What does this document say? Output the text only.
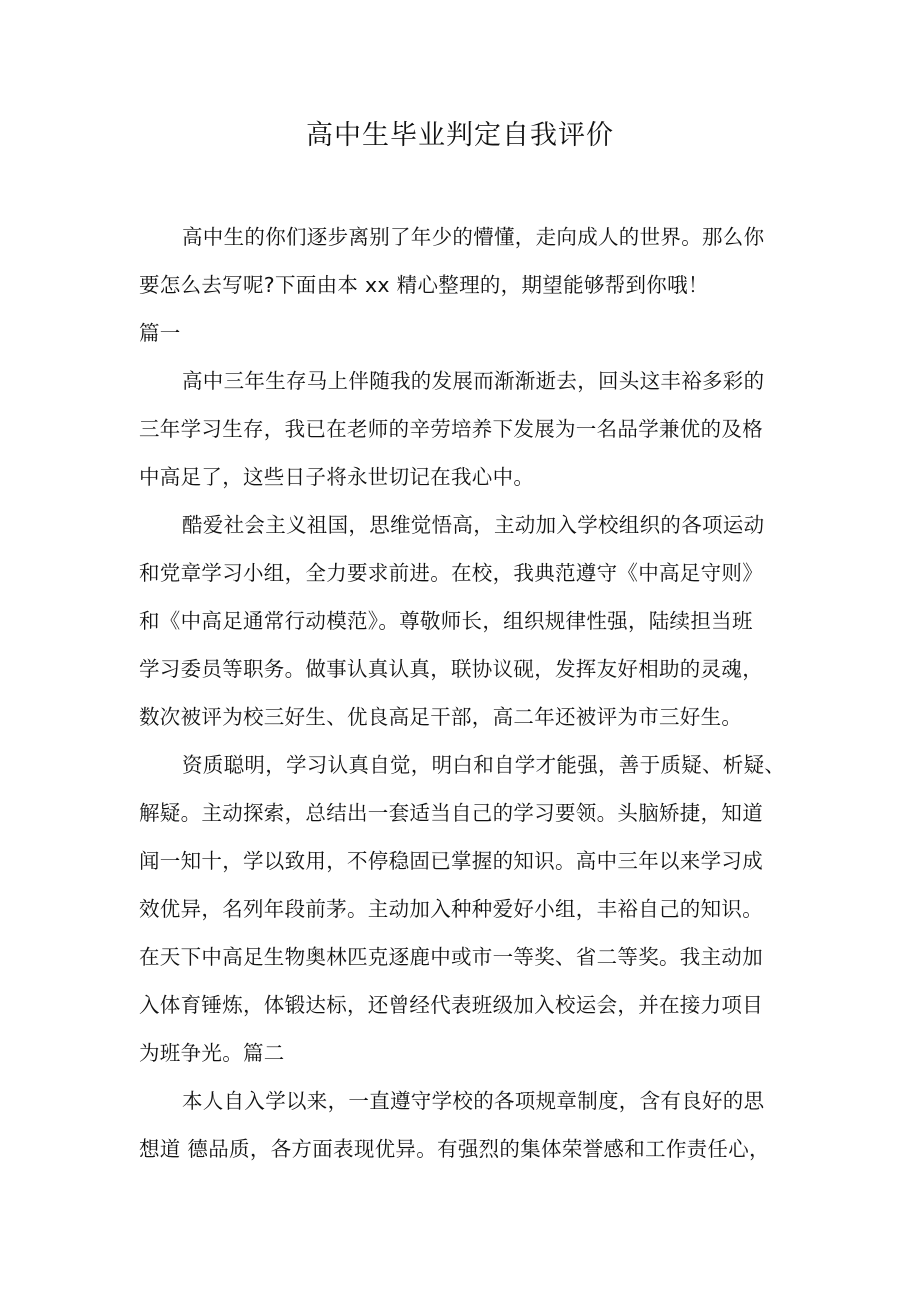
高中生毕业判定自我评价
高中生的你们逐步离别了年少的懵懂，走向成人的世界。那么你
要怎么去写呢?下面由本 xx 精心整理的，期望能够帮到你哦！
篇一
高中三年生存马上伴随我的发展而渐渐逝去，回头这丰裕多彩的
三年学习生存，我已在老师的辛劳培养下发展为一名品学兼优的及格
中高足了，这些日子将永世切记在我心中。
酷爱社会主义祖国，思维觉悟高，主动加入学校组织的各项运动
和党章学习小组，全力要求前进。在校，我典范遵守《中高足守则》
和《中高足通常行动模范》。尊敬师长，组织规律性强，陆续担当班
学习委员等职务。做事认真认真，联协议砚，发挥友好相助的灵魂，
数次被评为校三好生、优良高足干部，高二年还被评为市三好生。
资质聪明，学习认真自觉，明白和自学才能强，善于质疑、析疑、
解疑。主动探索，总结出一套适当自己的学习要领。头脑矫捷，知道
闻一知十，学以致用，不停稳固已掌握的知识。高中三年以来学习成
效优异，名列年段前茅。主动加入种种爱好小组，丰裕自己的知识。
在天下中高足生物奥林匹克逐鹿中或市一等奖、省二等奖。我主动加
入体育锤炼，体锻达标，还曾经代表班级加入校运会，并在接力项目
为班争光。篇二
本人自入学以来，一直遵守学校的各项规章制度，含有良好的思
想道 德品质，各方面表现优异。有强烈的集体荣誉感和工作责任心，
